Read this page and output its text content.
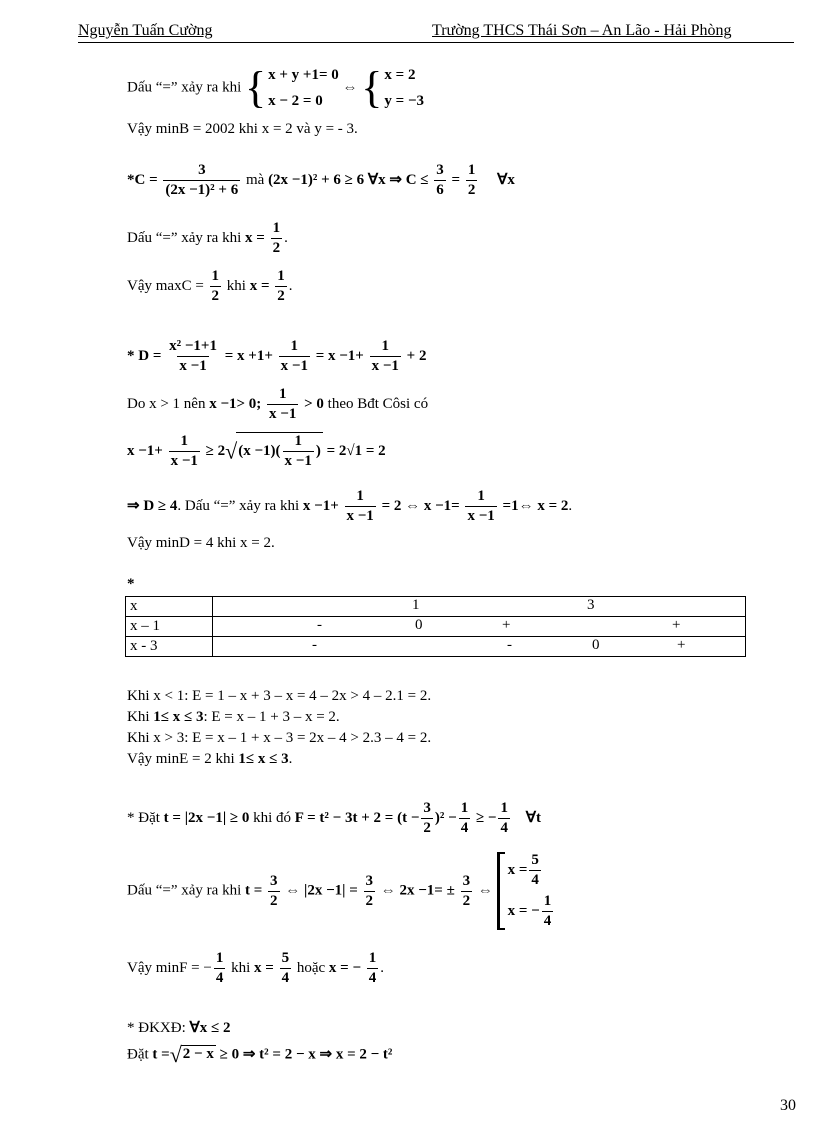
Nguyễn Tuấn Cường	Trường THCS Thái Sơn – An Lão - Hải Phòng
Dấu “=” xảy ra khi { x + y +1= 0
x − 2 = 0
⇔ { x = 2
y = −3
Vậy minB = 2002 khi x = 2 và y = - 3.
$*C = \frac{3}{\text{(2x −1)² + 6}}$ mà (2x −1)² + 6 ≥ 6 ∀x ⇒ $C \le \frac{3}{6} = \frac{1}{2}$ ∀x
Dấu “=” xảy ra khi $x = \frac{1}{2}$ .
Vậy $\max C = \frac{1}{2}$ khi $x = \frac{1}{2}$ .
* $D = \frac{\text{x² −1+1}}{x -1} = x +1+ \frac{1}{x -1} = x -1+ \frac{1}{x -1} + 2$
Do x > 1 nên x −1> 0; $\frac{1}{x -1} > 0$ theo Bđt Côsi có
$x -1+ \frac{1}{x -1} \ge 2√(x -1)( \frac{1}{x -1}$ ) = 2√1 = 2
⇒ D ≥ 4. Dấu “=” xảy ra khi $x -1+ \frac{1}{x -1} = 2$ ⇔ $x -1= \frac{1}{x -1}$ =1⇔ x = 2.
Vậy minD = 4 khi x = 2.
*
x	1 3

x – 1	- 0 + +

x - 3	- - 0 +
Khi x < 1: E = 1 – x + 3 – x = 4 – 2x > 4 – 2.1 = 2.
Khi 1≤ x ≤ 3: E = x – 1 + 3 – x = 2.
Khi x > 3: E = x – 1 + x – 3 = 2x – 4 > 2.3 – 4 = 2.
Vậy minE = 2 khi 1≤ x ≤ 3.
* Đặt t = |2x −1| ≥ 0 khi đó $F = t^2 - 3t + 2 = (t - \frac{3}{2} )^2 - \frac{1}{4}$ ≥ − $\frac{1}{4}$ ∀t
Dấu “=” xảy ra khi $t = \frac{3}{2}$ ⇔ $|2x -1| = \frac{3}{2}$ ⇔ $2x -1= \pm \frac{3}{2}$ ⇔
$x = \frac{5}{4}$
x = − $\frac{1}{4}$
Vậy minF = − $\frac{1}{4}$ khi $x = \frac{5}{4}$ hoặc x = − $\frac{1}{4}$ .
* ĐKXĐ: ∀x ≤ 2
Đặt t =√2 − x ≥ 0 ⇒ t² = 2 − x ⇒ x = 2 − t²
30
